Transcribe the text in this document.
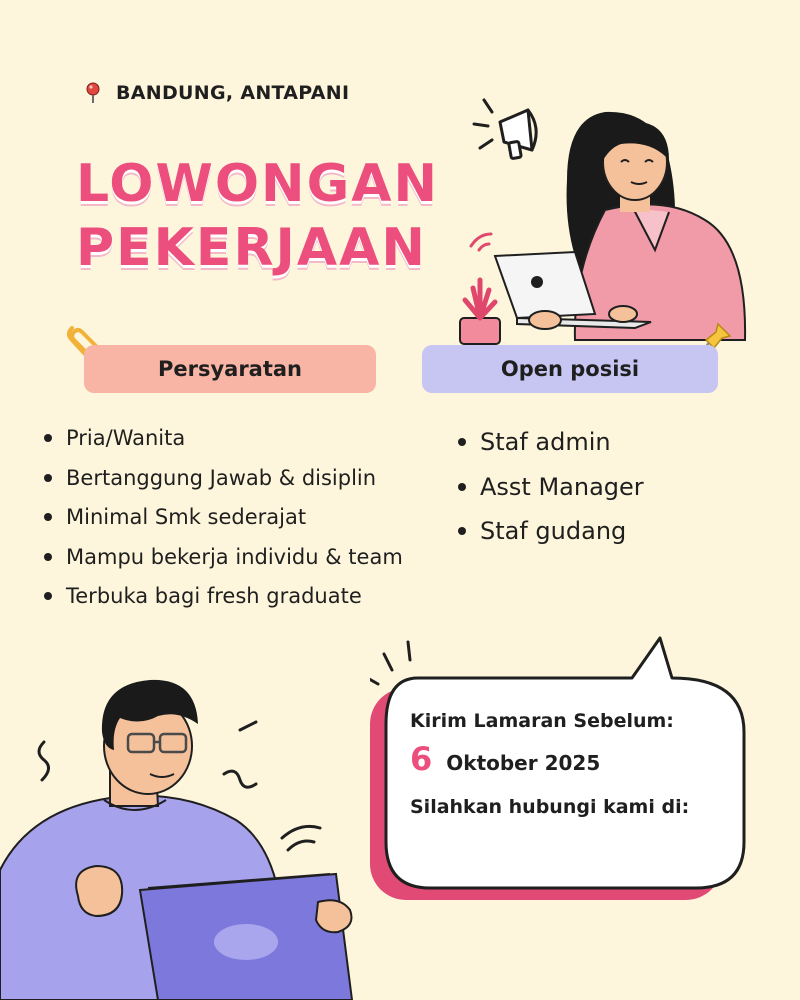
BANDUNG, ANTAPANI
LOWONGAN
PEKERJAAN
Persyaratan	Open posisi
Pria/Wanita
Bertanggung Jawab & disiplin
Minimal Smk sederajat
Mampu bekerja individu & team
Terbuka bagi fresh graduate
Staf admin
Asst Manager
Staf gudang
Kirim Lamaran Sebelum:
6 Oktober 2025
Silahkan hubungi kami di:
